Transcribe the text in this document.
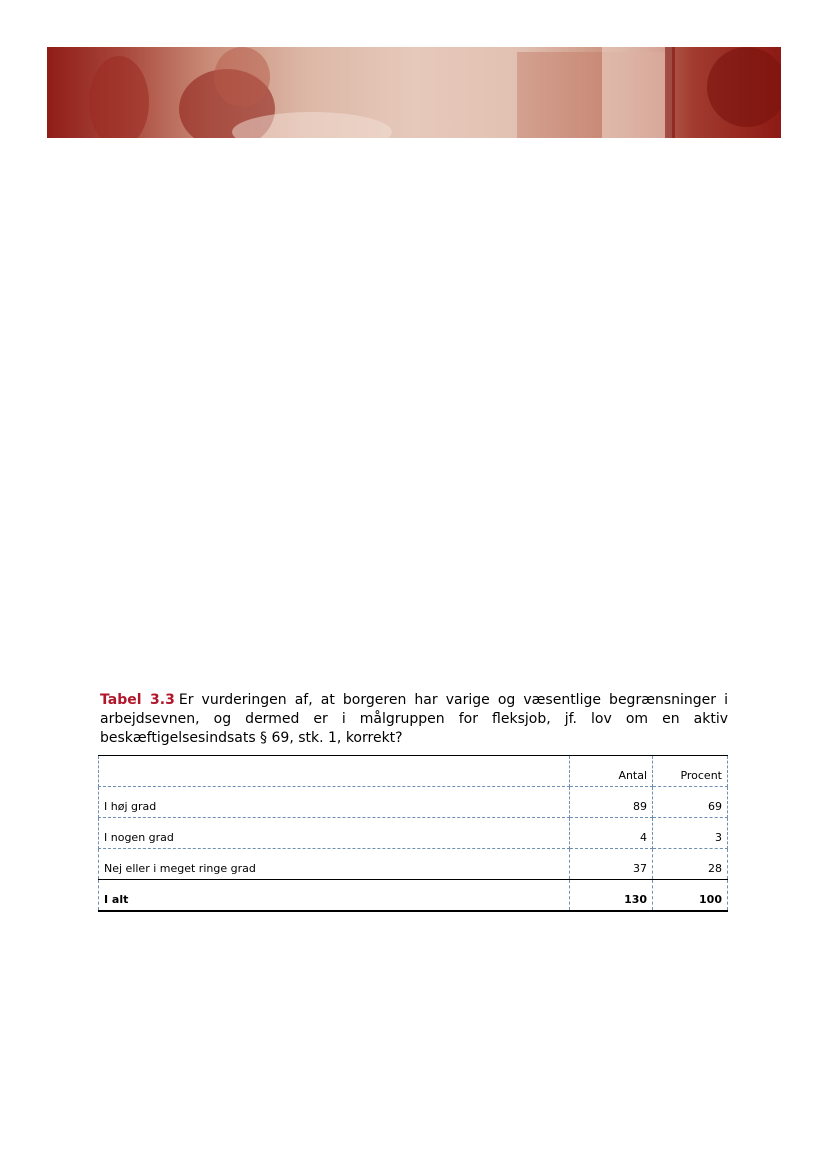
Tabel 3.3 Er vurderingen af, at borgeren har varige og væsentlige begrænsninger i arbejdsevnen, og dermed er i målgruppen for fleksjob, jf. lov om en aktiv beskæftigelsesindsats § 69, stk. 1, korrekt?
	Antal	Procent
I høj grad	89	69
I nogen grad	4	3
Nej eller i meget ringe grad	37	28
I alt	130	100
